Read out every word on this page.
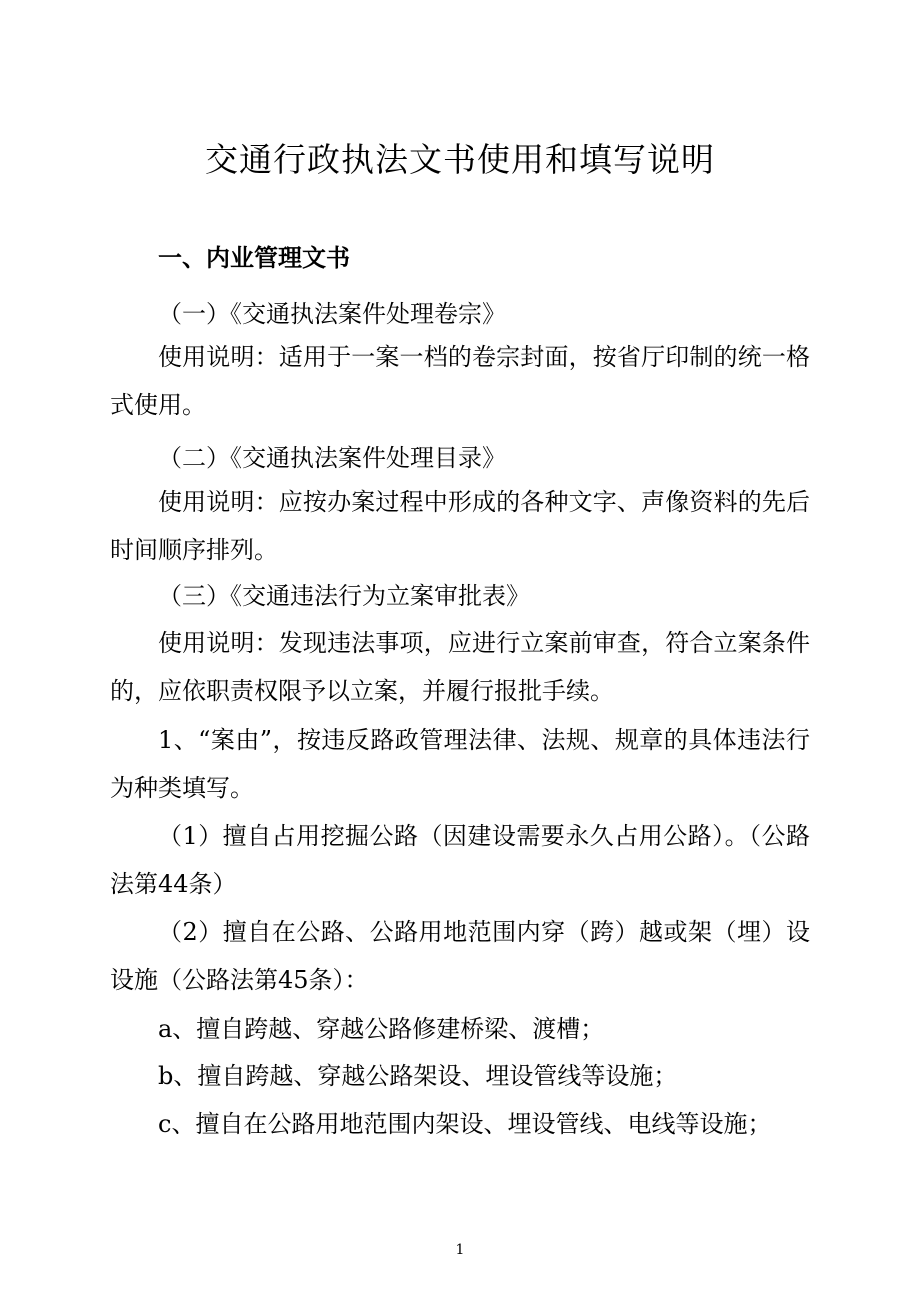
交通行政执法文书使用和填写说明
一、内业管理文书

（一）《交通执法案件处理卷宗》

使用说明：适用于一案一档的卷宗封面，按省厅印制的统一格式使用。

（二）《交通执法案件处理目录》

使用说明：应按办案过程中形成的各种文字、声像资料的先后时间顺序排列。

（三）《交通违法行为立案审批表》

使用说明：发现违法事项，应进行立案前审查，符合立案条件的，应依职责权限予以立案，并履行报批手续。

1、“案由”，按违反路政管理法律、法规、规章的具体违法行为种类填写。

（1）擅自占用挖掘公路（因建设需要永久占用公路）。（公路法第44条）

（2）擅自在公路、公路用地范围内穿（跨）越或架（埋）设设施（公路法第45条）：

a、擅自跨越、穿越公路修建桥梁、渡槽；

b、擅自跨越、穿越公路架设、埋设管线等设施；

c、擅自在公路用地范围内架设、埋设管线、电线等设施；

1
